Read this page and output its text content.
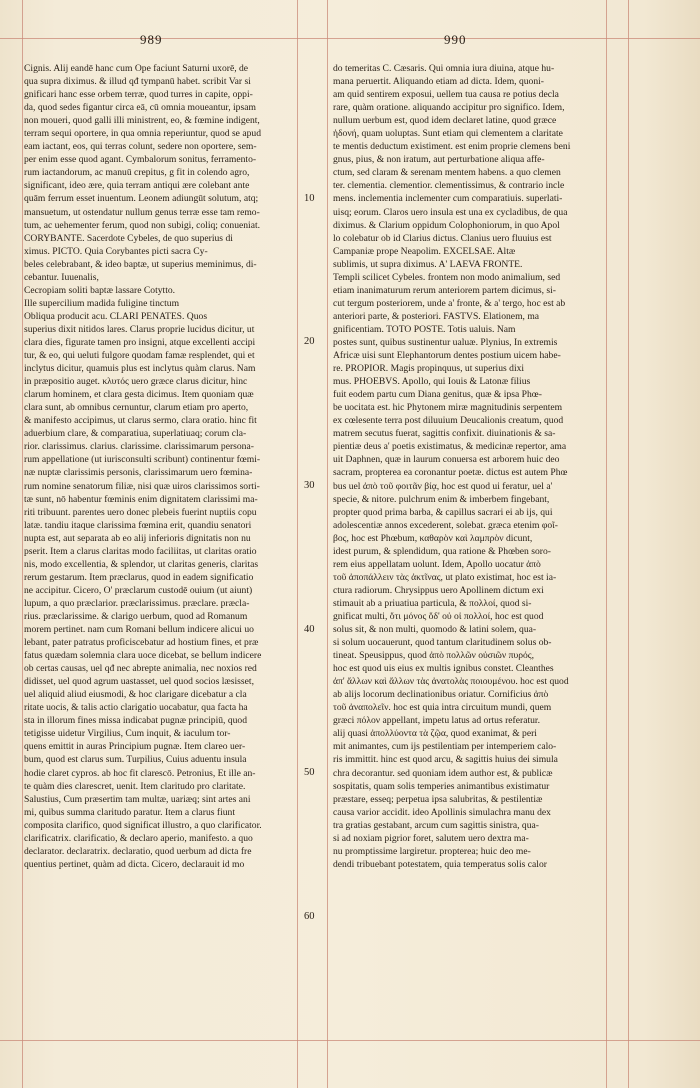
989	990
10
20
30
40
50
60
Cignis. Alij eandē hanc cum Ope faciunt Saturni uxorē, de
qua supra diximus. & illud qđ tympanū habet. scribit Var si
gnificari hanc esse orbem terræ, quod turres in capite, oppi-
da, quod sedes figantur circa eā, cū omnia moueantur, ipsam
non moueri, quod galli illi ministrent, eo, & fœmine indigent,
terram sequi oportere, in qua omnia reperiuntur, quod se apud
eam iactant, eos, qui terras colunt, sedere non oportere, sem-
per enim esse quod agant. Cymbalorum sonitus, ferramento-
rum iactandorum, ac manuū crepitus, g fit in colendo agro,
significant, ideo ære, quia terram antiqui ære colebant ante
quām ferrum esset inuentum. Leonem adiungūt solutum, atq;
mansuetum, ut ostendatur nullum genus terræ esse tam remo-
tum, ac uehementer ferum, quod non subigi, coliq; conueniat.
CORYBANTE. Sacerdote Cybeles, de quo superius di
ximus. PICTO. Quia Corybantes picti sacra Cy-
beles celebrabant, & ideo baptæ, ut superius meminimus, di-
cebantur. Iuuenalis,
Cecropiam soliti baptæ lassare Cotytto.
Ille supercilium madida fuligine tinctum
Obliqua producit acu. CLARI PENATES. Quos
superius dixit nitidos lares. Clarus proprie lucidus dicitur, ut
clara dies, figurate tamen pro insigni, atque excellenti accipi
tur, & eo, qui ueluti fulgore quodam famæ resplendet, qui et
inclytus dicitur, quamuis plus est inclytus quàm clarus. Nam
in præpositio auget. κλυτός uero græce clarus dicitur, hinc
clarum hominem, et clara gesta dicimus. Item quoniam quæ
clara sunt, ab omnibus cernuntur, clarum etiam pro aperto,
& manifesto accipimus, ut clarus sermo, clara oratio. hinc fit
aduerbium clare, & comparatiua, superlatiuaq; corum cla-
rior. clarissimus. clarius. clarissime. clarissimarum persona-
rum appellatione (ut iurisconsulti scribunt) continentur fœmi-
næ nuptæ clarissimis personis, clarissimarum uero fœmina-
rum nomine senatorum filiæ, nisi quæ uiros clarissimos sorti-
tæ sunt, nō habentur fœminis enim dignitatem clarissimi ma-
riti tribuunt. parentes uero donec plebeis fuerint nuptiis copu
latæ. tandiu itaque clarissima fœmina erit, quandiu senatori
nupta est, aut separata ab eo alij inferioris dignitatis non nu
pserit. Item a clarus claritas modo faciliitas, ut claritas oratio
nis, modo excellentia, & splendor, ut claritas generis, claritas
rerum gestarum. Item præclarus, quod in eadem significatio
ne accipitur. Cicero, O' præclarum custodē ouium (ut aiunt)
lupum, a quo præclarior. præclarissimus. præclare. præcla-
rius. præclarissime. & clarigo uerbum, quod ad Romanum
morem pertinet. nam cum Romani bellum indicere alicui uo
lebant, pater patratus proficiscebatur ad hostium fines, et præ
fatus quædam solemnia clara uoce dicebat, se bellum indicere
ob certas causas, uel qđ nec abrepte animalia, nec noxios red
didisset, uel quod agrum uastasset, uel quod socios læsisset,
uel aliquid aliud eiusmodi, & hoc clarigare dicebatur a cla
ritate uocis, & talis actio clarigatio uocabatur, qua facta ha
sta in illorum fines missa indicabat pugnæ principiū, quod
tetigisse uidetur Virgilius, Cum inquit, & iaculum tor-
quens emittit in auras Principium pugnæ. Item clareo uer-
bum, quod est clarus sum. Turpilius, Cuius aduentu insula
hodie claret cypros. ab hoc fit clarescō. Petronius, Et ille an-
te quàm dies clarescret, uenit. Item claritudo pro claritate.
Salustius, Cum præsertim tam multæ, uariæq; sint artes ani
mi, quibus summa claritudo paratur. Item a clarus fiunt
composita clarifico, quod significat illustro, a quo clarificator.
clarificatrix. clarificatio, & declaro aperio, manifesto. a quo
declarator. declaratrix. declaratio, quod uerbum ad dicta fre
quentius pertinet, quàm ad dicta. Cicero, declarauit id mo
do temeritas C. Cæsaris. Qui omnia iura diuina, atque hu-
mana peruertit. Aliquando etiam ad dicta. Idem, quoni-
am quid sentirem exposui, uellem tua causa re potius decla
rare, quàm oratione. aliquando accipitur pro significo. Idem,
nullum uerbum est, quod idem declaret latine, quod græce
ἡδονή, quam uoluptas. Sunt etiam qui clementem a claritate
te mentis deductum existiment. est enim proprie clemens beni
gnus, pius, & non iratum, aut perturbatione aliqua affe-
ctum, sed claram & serenam mentem habens. a quo clemen
ter. clementia. clementior. clementissimus, & contrario incle
mens. inclementia inclementer cum comparatiuis. superlati-
uisq; eorum. Claros uero insula est una ex cycladibus, de qua
diximus. & Clarium oppidum Colophoniorum, in quo Apol
lo colebatur ob id Clarius dictus. Clanius uero fluuius est
Campaniæ prope Neapolim. EXCELSAE. Altæ
sublimis, ut supra diximus. A' LAEVA FRONTE.
Templi scilicet Cybeles. frontem non modo animalium, sed
etiam inanimaturum rerum anteriorem partem dicimus, si-
cut tergum posteriorem, unde a' fronte, & a' tergo, hoc est ab
anteriori parte, & posteriori. FASTVS. Elationem, ma
gnificentiam. TOTO POSTE. Totis ualuis. Nam
postes sunt, quibus sustinentur ualuæ. Plynius, In extremis
Africæ uisi sunt Elephantorum dentes postium uicem habe-
re. PROPIOR. Magis propinquus, ut superius dixi
mus. PHOEBVS. Apollo, qui Iouis & Latonæ filius
fuit eodem partu cum Diana genitus, quæ & ipsa Phœ-
be uocitata est. hic Phytonem miræ magnitudinis serpentem
ex cœlesente terra post diluuium Deucalionis creatum, quod
matrem secutus fuerat, sagittis confixit. diuinationis & sa-
pientiæ deus a' poetis existimatus, & medicinæ repertor, ama
uit Daphnen, quæ in laurum conuersa est arborem huic deo
sacram, propterea ea coronantur poetæ. dictus est autem Phœ
bus uel ἀπὸ τοῦ φοιτᾶν βίᾳ, hoc est quod ui feratur, uel a'
specie, & nitore. pulchrum enim & imberbem fingebant,
propter quod prima barba, & capillus sacrari ei ab ijs, qui
adolescentiæ annos excederent, solebat. græca etenim φοῖ-
βος, hoc est Phœbum, καθαρὸν καὶ λαμπρὸν dicunt,
idest purum, & splendidum, qua ratione & Phœben soro-
rem eius appellatam uolunt. Idem, Apollo uocatur ἀπὸ
τοῦ ἀποπάλλειν τὰς ἀκτῖνας, ut plato existimat, hoc est ia-
ctura radiorum. Chrysippus uero Apollinem dictum exi
stimauit ab a priuatiua particula, & πολλοί, quod si-
gnificat multi, ὅτι μόνος ὅδ' οὐ οἱ πολλοί, hoc est quod
solus sit, & non multi, quomodo & latini solem, qua-
si solum uocauerunt, quod tantum claritudinem solus ob-
tineat. Speusippus, quod ἀπὸ πολλῶν οὐσιῶν πυρός,
hoc est quod uis eius ex multis ignibus constet. Cleanthes
ἀπ' ἄλλων καὶ ἄλλων τὰς ἀνατολὰς ποιουμένου. hoc est quod
ab alijs locorum declinationibus oriatur. Cornificius ἀπὸ
τοῦ ἀναπολεῖν. hoc est quia intra circuitum mundi, quem
græci πόλον appellant, impetu latus ad ortus referatur.
alij quasi ἀπολλύοντα τὰ ζῷα, quod exanimat, & peri
mit animantes, cum ijs pestilentiam per intemperiem calo-
ris immittit. hinc est quod arcu, & sagittis huius dei simula
chra decorantur. sed quoniam idem author est, & publicæ
sospitatis, quam solis temperies animantibus existimatur
præstare, esseq; perpetua ipsa salubritas, & pestilentiæ
causa varior accidit. ideo Apollinis simulachra manu dex
tra gratias gestabant, arcum cum sagittis sinistra, qua-
si ad noxiam pigrior foret, salutem uero dextra ma-
nu promptissime largiretur. propterea; huic deo me-
dendi tribuebant potestatem, quia temperatus solis calor
